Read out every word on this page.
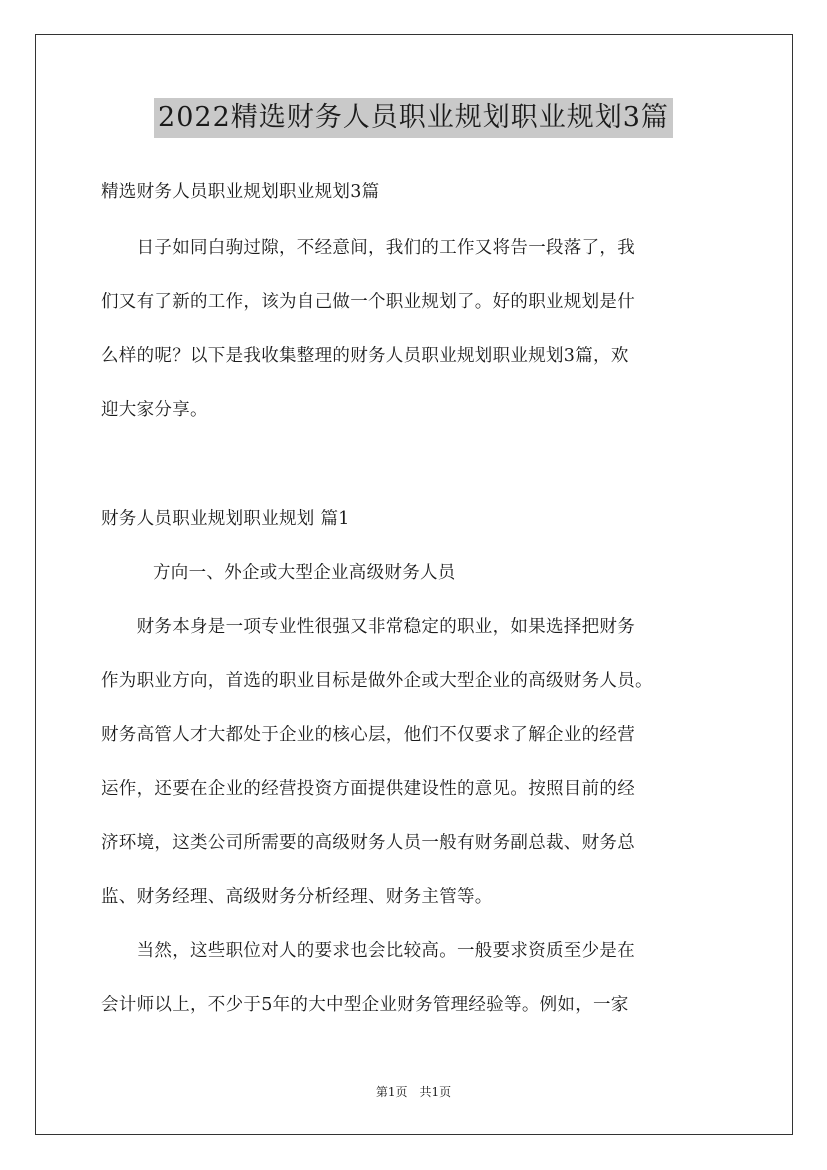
2022精选财务人员职业规划职业规划3篇
精选财务人员职业规划职业规划3篇
　　日子如同白驹过隙，不经意间，我们的工作又将告一段落了，我
们又有了新的工作，该为自己做一个职业规划了。好的职业规划是什
么样的呢？以下是我收集整理的财务人员职业规划职业规划3篇，欢
迎大家分享。
财务人员职业规划职业规划 篇1
方向一、外企或大型企业高级财务人员
　　财务本身是一项专业性很强又非常稳定的职业，如果选择把财务
作为职业方向，首选的职业目标是做外企或大型企业的高级财务人员。
财务高管人才大都处于企业的核心层，他们不仅要求了解企业的经营
运作，还要在企业的经营投资方面提供建设性的意见。按照目前的经
济环境，这类公司所需要的高级财务人员一般有财务副总裁、财务总
监、财务经理、高级财务分析经理、财务主管等。
　　当然，这些职位对人的要求也会比较高。一般要求资质至少是在
会计师以上，不少于5年的大中型企业财务管理经验等。例如，一家
第1页　共1页
